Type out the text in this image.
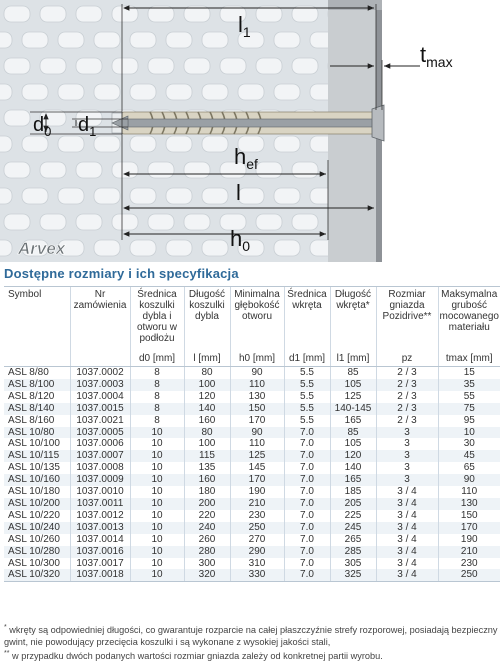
$l_1$
$t_{max}$
$d_0$ $d_1$
$h_{ef}$
l
$h_0$
Arvex
Dostępne rozmiary i ich specyfikacja
Symbol	Nr zamówienia	Średnica koszulki dybla i otworu w podłożu	Długość koszulki dybla	Minimalna głębokość otworu	Średnica wkręta	Długość wkręta*	Rozmiar gniazda Pozidrive**	Maksymalna grubość mocowanego materiału

		d0 [mm]	l [mm]	h0 [mm]	d1 [mm]	l1 [mm]	pz	tmax [mm]
ASL 8/80	1037.0002	8	80	90	5.5	85	2 / 3	15
ASL 8/100	1037.0003	8	100	110	5.5	105	2 / 3	35
ASL 8/120	1037.0004	8	120	130	5.5	125	2 / 3	55
ASL 8/140	1037.0015	8	140	150	5.5	140-145	2 / 3	75
ASL 8/160	1037.0021	8	160	170	5.5	165	2 / 3	95
ASL 10/80	1037.0005	10	80	90	7.0	85	3	10
ASL 10/100	1037.0006	10	100	110	7.0	105	3	30
ASL 10/115	1037.0007	10	115	125	7.0	120	3	45
ASL 10/135	1037.0008	10	135	145	7.0	140	3	65
ASL 10/160	1037.0009	10	160	170	7.0	165	3	90
ASL 10/180	1037.0010	10	180	190	7.0	185	3 / 4	110
ASL 10/200	1037.0011	10	200	210	7.0	205	3 / 4	130
ASL 10/220	1037.0012	10	220	230	7.0	225	3 / 4	150
ASL 10/240	1037.0013	10	240	250	7.0	245	3 / 4	170
ASL 10/260	1037.0014	10	260	270	7.0	265	3 / 4	190
ASL 10/280	1037.0016	10	280	290	7.0	285	3 / 4	210
ASL 10/300	1037.0017	10	300	310	7.0	305	3 / 4	230
ASL 10/320	1037.0018	10	320	330	7.0	325	3 / 4	250

* wkręty są odpowiedniej długości, co gwarantuje rozparcie na całej płaszczyźnie strefy rozporowej, posiadają bezpieczny gwint, nie powodujący przecięcia koszulki i są wykonane z wysokiej jakości stali,

** w przypadku dwóch podanych wartości rozmiar gniazda zależy od konkretnej partii wyrobu.
